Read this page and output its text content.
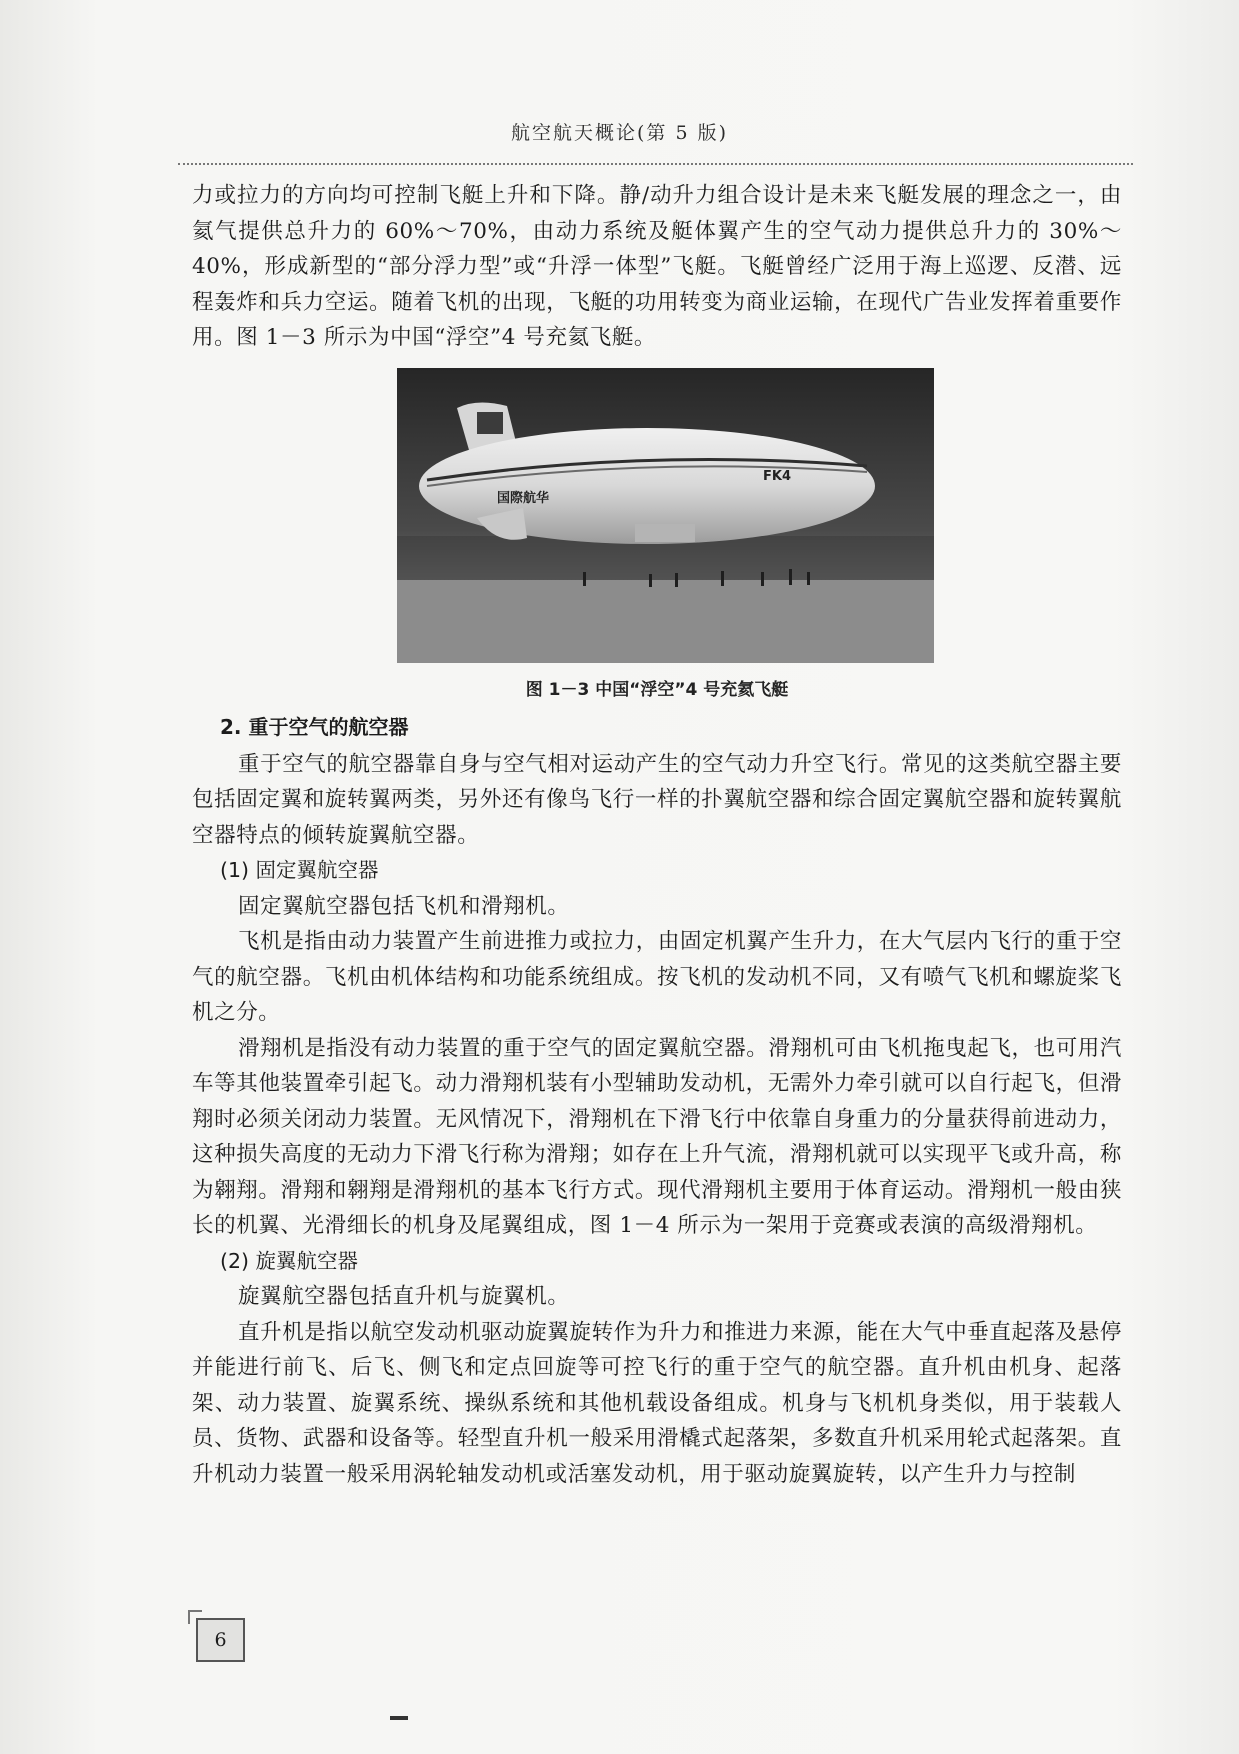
航空航天概论(第 5 版)

力或拉力的方向均可控制飞艇上升和下降。静/动升力组合设计是未来飞艇发展的理念之一，由氦气提供总升力的 60%～70%，由动力系统及艇体翼产生的空气动力提供总升力的 30%～40%，形成新型的“部分浮力型”或“升浮一体型”飞艇。飞艇曾经广泛用于海上巡逻、反潜、远程轰炸和兵力空运。随着飞机的出现，飞艇的功用转变为商业运输，在现代广告业发挥着重要作用。图 1－3 所示为中国“浮空”4 号充氦飞艇。

国際航华
FK4
图 1－3 中国“浮空”4 号充氦飞艇
2. 重于空气的航空器

重于空气的航空器靠自身与空气相对运动产生的空气动力升空飞行。常见的这类航空器主要包括固定翼和旋转翼两类，另外还有像鸟飞行一样的扑翼航空器和综合固定翼航空器和旋转翼航空器特点的倾转旋翼航空器。

(1) 固定翼航空器

固定翼航空器包括飞机和滑翔机。

飞机是指由动力装置产生前进推力或拉力，由固定机翼产生升力，在大气层内飞行的重于空气的航空器。飞机由机体结构和功能系统组成。按飞机的发动机不同，又有喷气飞机和螺旋桨飞机之分。

滑翔机是指没有动力装置的重于空气的固定翼航空器。滑翔机可由飞机拖曳起飞，也可用汽车等其他装置牵引起飞。动力滑翔机装有小型辅助发动机，无需外力牵引就可以自行起飞，但滑翔时必须关闭动力装置。无风情况下，滑翔机在下滑飞行中依靠自身重力的分量获得前进动力，这种损失高度的无动力下滑飞行称为滑翔；如存在上升气流，滑翔机就可以实现平飞或升高，称为翱翔。滑翔和翱翔是滑翔机的基本飞行方式。现代滑翔机主要用于体育运动。滑翔机一般由狭长的机翼、光滑细长的机身及尾翼组成，图 1－4 所示为一架用于竞赛或表演的高级滑翔机。

(2) 旋翼航空器

旋翼航空器包括直升机与旋翼机。

直升机是指以航空发动机驱动旋翼旋转作为升力和推进力来源，能在大气中垂直起落及悬停并能进行前飞、后飞、侧飞和定点回旋等可控飞行的重于空气的航空器。直升机由机身、起落架、动力装置、旋翼系统、操纵系统和其他机载设备组成。机身与飞机机身类似，用于装载人员、货物、武器和设备等。轻型直升机一般采用滑橇式起落架，多数直升机采用轮式起落架。直升机动力装置一般采用涡轮轴发动机或活塞发动机，用于驱动旋翼旋转，以产生升力与控制

6
